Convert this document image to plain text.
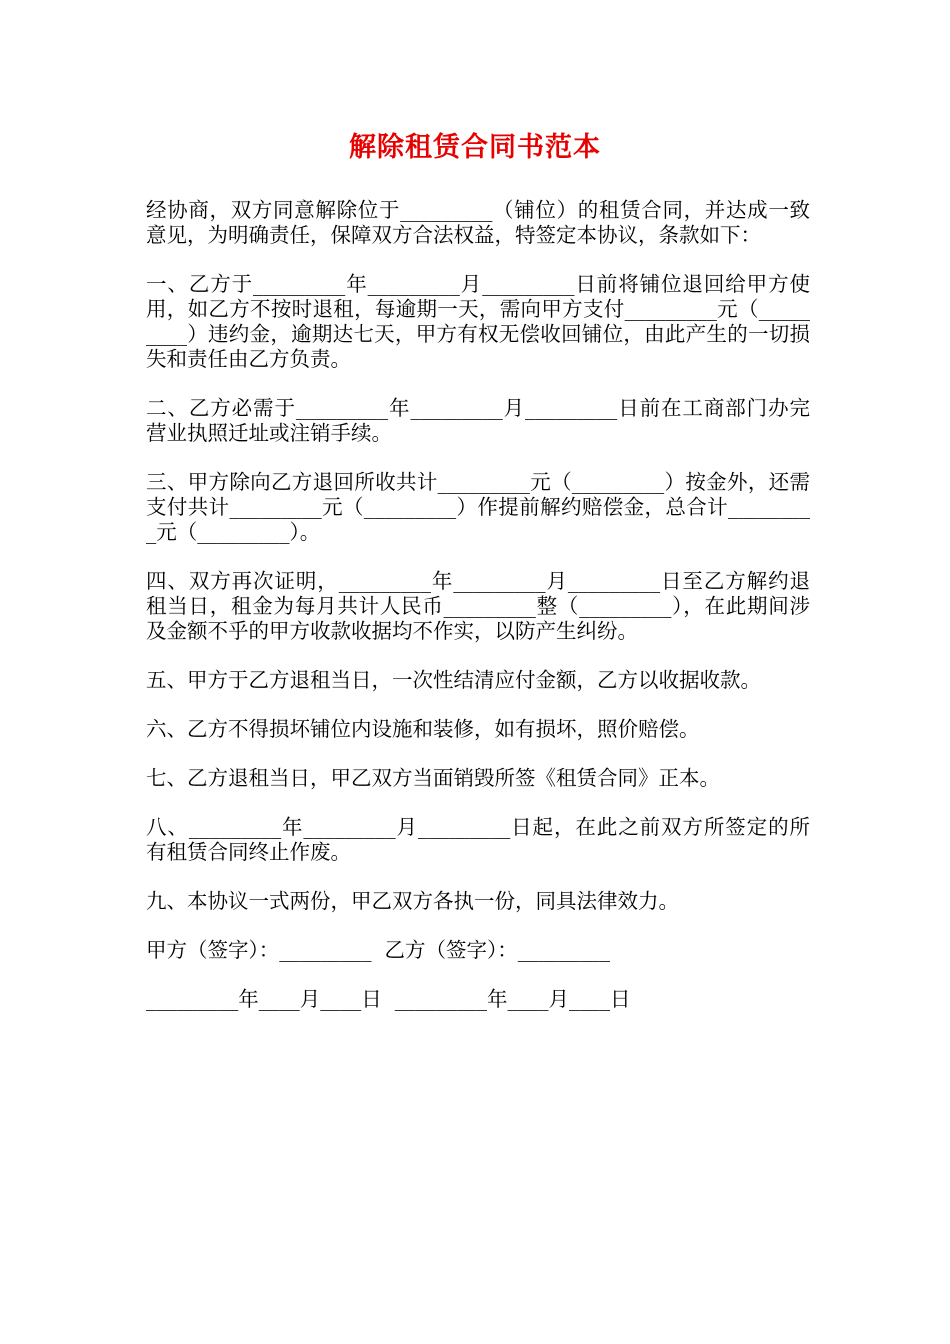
解除租赁合同书范本

经协商，双方同意解除位于_________（铺位）的租赁合同，并达成一致意见，为明确责任，保障双方合法权益，特签定本协议，条款如下：

一、乙方于_________年_________月_________日前将铺位退回给甲方使用，如乙方不按时退租，每逾期一天，需向甲方支付_________元（_________）违约金，逾期达七天，甲方有权无偿收回铺位，由此产生的一切损失和责任由乙方负责。

二、乙方必需于_________年_________月_________日前在工商部门办完营业执照迁址或注销手续。

三、甲方除向乙方退回所收共计_________元（_________）按金外，还需支付共计_________元（_________）作提前解约赔偿金，总合计_________元（_________）。

四、双方再次证明，_________年_________月_________日至乙方解约退租当日，租金为每月共计人民币_________整（_________），在此期间涉及金额不乎的甲方收款收据均不作实，以防产生纠纷。

五、甲方于乙方退租当日，一次性结清应付金额，乙方以收据收款。

六、乙方不得损坏铺位内设施和装修，如有损坏，照价赔偿。

七、乙方退租当日，甲乙双方当面销毁所签《租赁合同》正本。

八、_________年_________月_________日起，在此之前双方所签定的所有租赁合同终止作废。

九、本协议一式两份，甲乙双方各执一份，同具法律效力。

甲方（签字）：_________  乙方（签字）：_________

_________年____月____日  _________年____月____日
